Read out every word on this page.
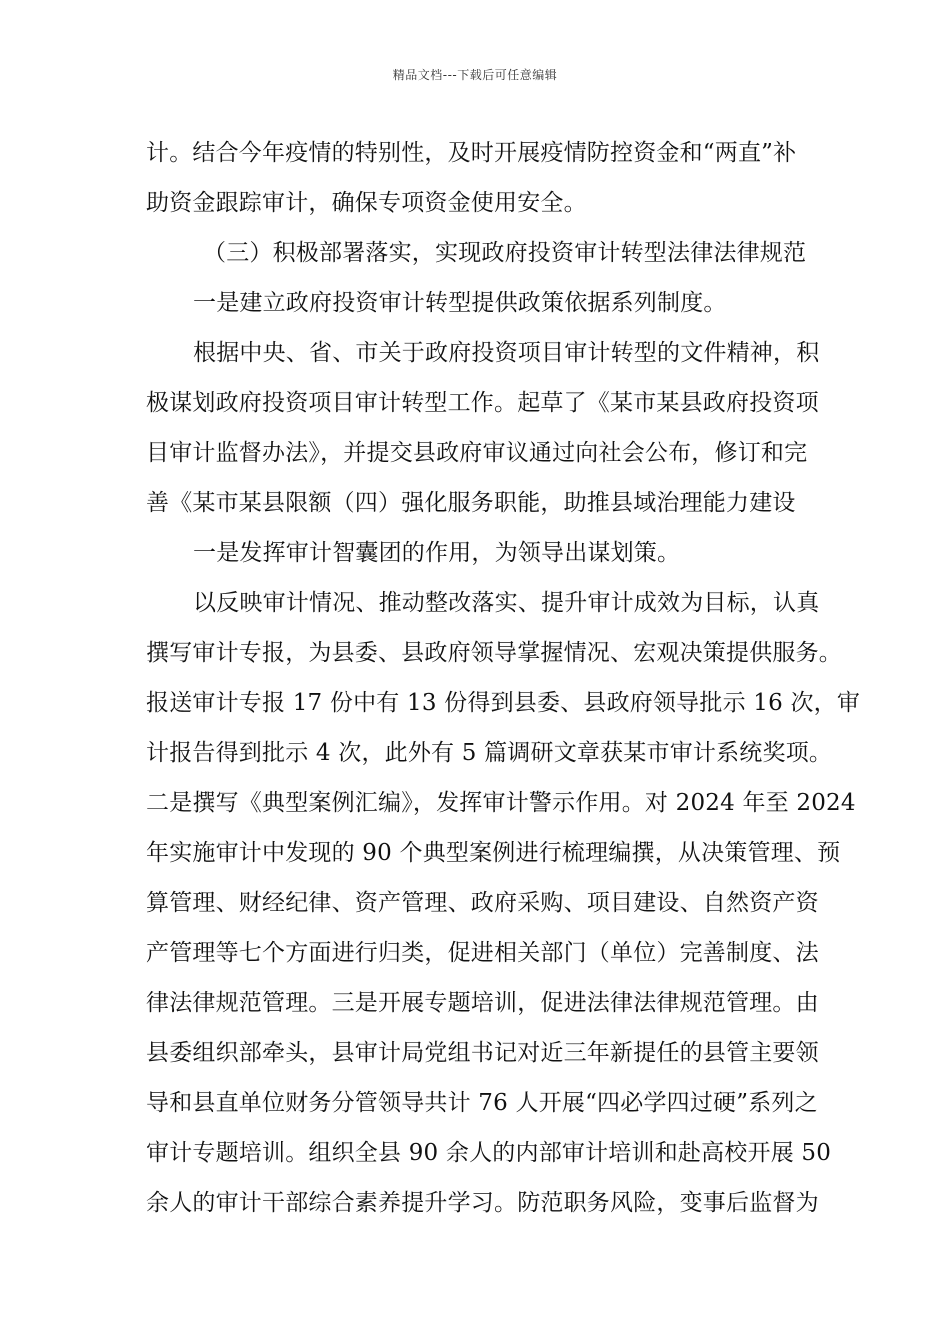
精品文档---下载后可任意编辑
计。结合今年疫情的特别性，及时开展疫情防控资金和“两直”补
助资金跟踪审计，确保专项资金使用安全。
（三）积极部署落实，实现政府投资审计转型法律法律规范
一是建立政府投资审计转型提供政策依据系列制度。
根据中央、省、市关于政府投资项目审计转型的文件精神，积
极谋划政府投资项目审计转型工作。起草了《某市某县政府投资项
目审计监督办法》，并提交县政府审议通过向社会公布，修订和完
善《某市某县限额（四）强化服务职能，助推县域治理能力建设
一是发挥审计智囊团的作用，为领导出谋划策。
以反映审计情况、推动整改落实、提升审计成效为目标，认真
撰写审计专报，为县委、县政府领导掌握情况、宏观决策提供服务。
报送审计专报 17 份中有 13 份得到县委、县政府领导批示 16 次，审
计报告得到批示 4 次，此外有 5 篇调研文章获某市审计系统奖项。
二是撰写《典型案例汇编》，发挥审计警示作用。对 2024 年至 2024
年实施审计中发现的 90 个典型案例进行梳理编撰，从决策管理、预
算管理、财经纪律、资产管理、政府采购、项目建设、自然资产资
产管理等七个方面进行归类，促进相关部门（单位）完善制度、法
律法律规范管理。三是开展专题培训，促进法律法律规范管理。由
县委组织部牵头，县审计局党组书记对近三年新提任的县管主要领
导和县直单位财务分管领导共计 76 人开展“四必学四过硬”系列之
审计专题培训。组织全县 90 余人的内部审计培训和赴高校开展 50
余人的审计干部综合素养提升学习。防范职务风险，变事后监督为
